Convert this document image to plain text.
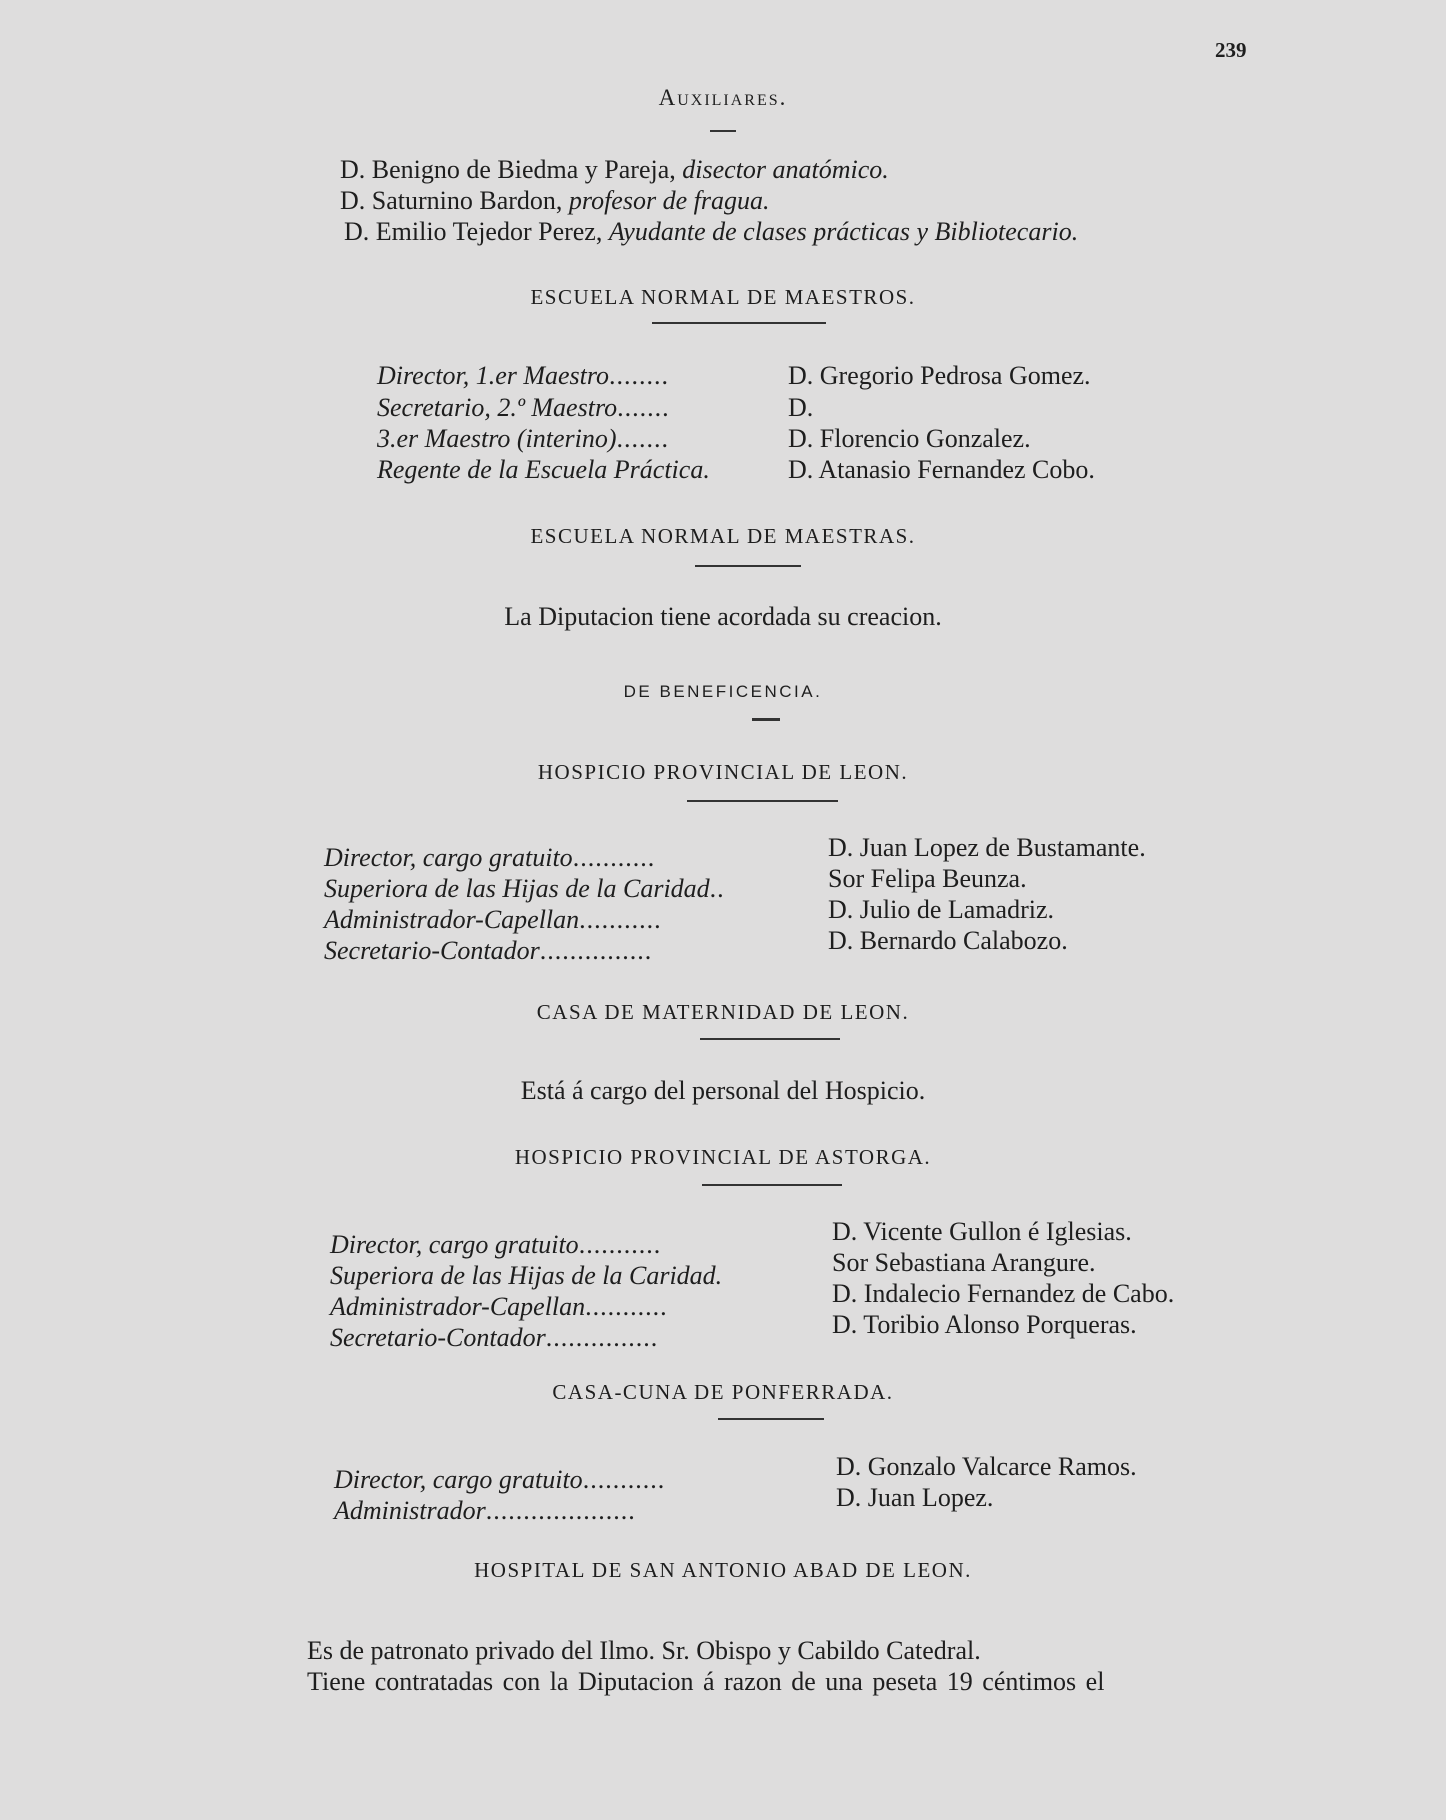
239
Auxiliares.
D. Benigno de Biedma y Pareja, disector anatómico.
D. Saturnino Bardon, profesor de fragua.
D. Emilio Tejedor Perez, Ayudante de clases prácticas y Bibliotecario.
ESCUELA NORMAL DE MAESTROS.
Director, 1.er Maestro........	D. Gregorio Pedrosa Gomez.
Secretario, 2.º Maestro.......	D.
3.er Maestro (interino).......	D. Florencio Gonzalez.
Regente de la Escuela Práctica.	D. Atanasio Fernandez Cobo.
ESCUELA NORMAL DE MAESTRAS.
La Diputacion tiene acordada su creacion.
DE BENEFICENCIA.
HOSPICIO PROVINCIAL DE LEON.
Director, cargo gratuito...........	D. Juan Lopez de Bustamante.
Superiora de las Hijas de la Caridad..	Sor Felipa Beunza.
Administrador-Capellan...........	D. Julio de Lamadriz.
Secretario-Contador...............	D. Bernardo Calabozo.
CASA DE MATERNIDAD DE LEON.
Está á cargo del personal del Hospicio.
HOSPICIO PROVINCIAL DE ASTORGA.
Director, cargo gratuito...........	D. Vicente Gullon é Iglesias.
Superiora de las Hijas de la Caridad.	Sor Sebastiana Arangure.
Administrador-Capellan...........	D. Indalecio Fernandez de Cabo.
Secretario-Contador...............	D. Toribio Alonso Porqueras.
CASA-CUNA DE PONFERRADA.
Director, cargo gratuito...........	D. Gonzalo Valcarce Ramos.
Administrador....................	D. Juan Lopez.
HOSPITAL DE SAN ANTONIO ABAD DE LEON.
Es de patronato privado del Ilmo. Sr. Obispo y Cabildo Catedral.
Tiene contratadas con la Diputacion á razon de una peseta 19 céntimos el
